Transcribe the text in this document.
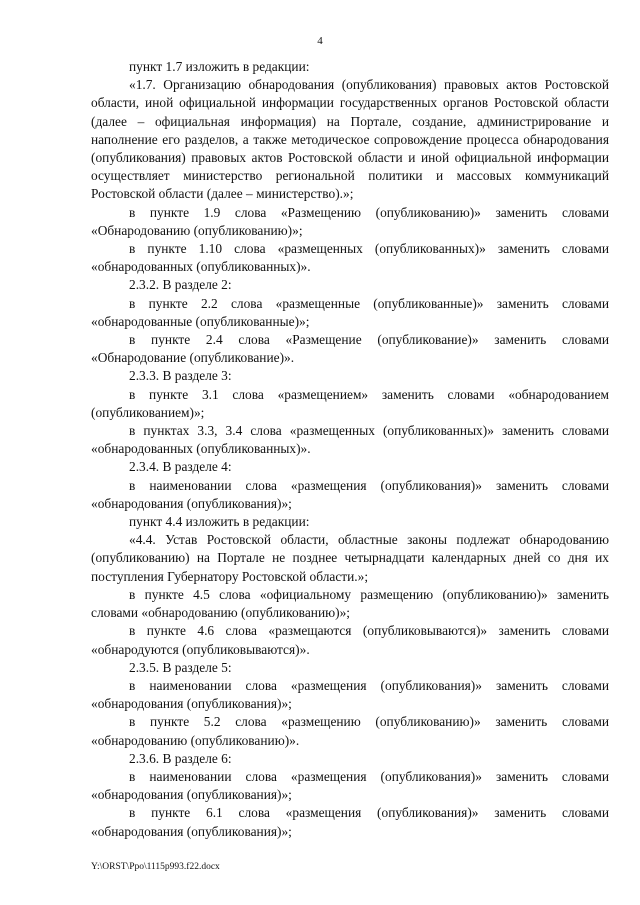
4

пункт 1.7 изложить в редакции:

«1.7. Организацию обнародования (опубликования) правовых актов Ростовской области, иной официальной информации государственных органов Ростовской области (далее – официальная информация) на Портале, создание, администрирование и наполнение его разделов, а также методическое сопровождение процесса обнародования (опубликования) правовых актов Ростовской области и иной официальной информации осуществляет министерство региональной политики и массовых коммуникаций Ростовской области (далее – министерство).»;

в пункте 1.9 слова «Размещению (опубликованию)» заменить словами «Обнародованию (опубликованию)»;

в пункте 1.10 слова «размещенных (опубликованных)» заменить словами «обнародованных (опубликованных)».

2.3.2. В разделе 2:

в пункте 2.2 слова «размещенные (опубликованные)» заменить словами «обнародованные (опубликованные)»;

в пункте 2.4 слова «Размещение (опубликование)» заменить словами «Обнародование (опубликование)».

2.3.3. В разделе 3:

в пункте 3.1 слова «размещением» заменить словами «обнародованием (опубликованием)»;

в пунктах 3.3, 3.4 слова «размещенных (опубликованных)» заменить словами «обнародованных (опубликованных)».

2.3.4. В разделе 4:

в наименовании слова «размещения (опубликования)» заменить словами «обнародования (опубликования)»;

пункт 4.4 изложить в редакции:

«4.4. Устав Ростовской области, областные законы подлежат обнародованию (опубликованию) на Портале не позднее четырнадцати календарных дней со дня их поступления Губернатору Ростовской области.»;

в пункте 4.5 слова «официальному размещению (опубликованию)» заменить словами «обнародованию (опубликованию)»;

в пункте 4.6 слова «размещаются (опубликовываются)» заменить словами «обнародуются (опубликовываются)».

2.3.5. В разделе 5:

в наименовании слова «размещения (опубликования)» заменить словами «обнародования (опубликования)»;

в пункте 5.2 слова «размещению (опубликованию)» заменить словами «обнародованию (опубликованию)».

2.3.6. В разделе 6:

в наименовании слова «размещения (опубликования)» заменить словами «обнародования (опубликования)»;

в пункте 6.1 слова «размещения (опубликования)» заменить словами «обнародования (опубликования)»;

Y:\ORST\Ppo\1115p993.f22.docx
